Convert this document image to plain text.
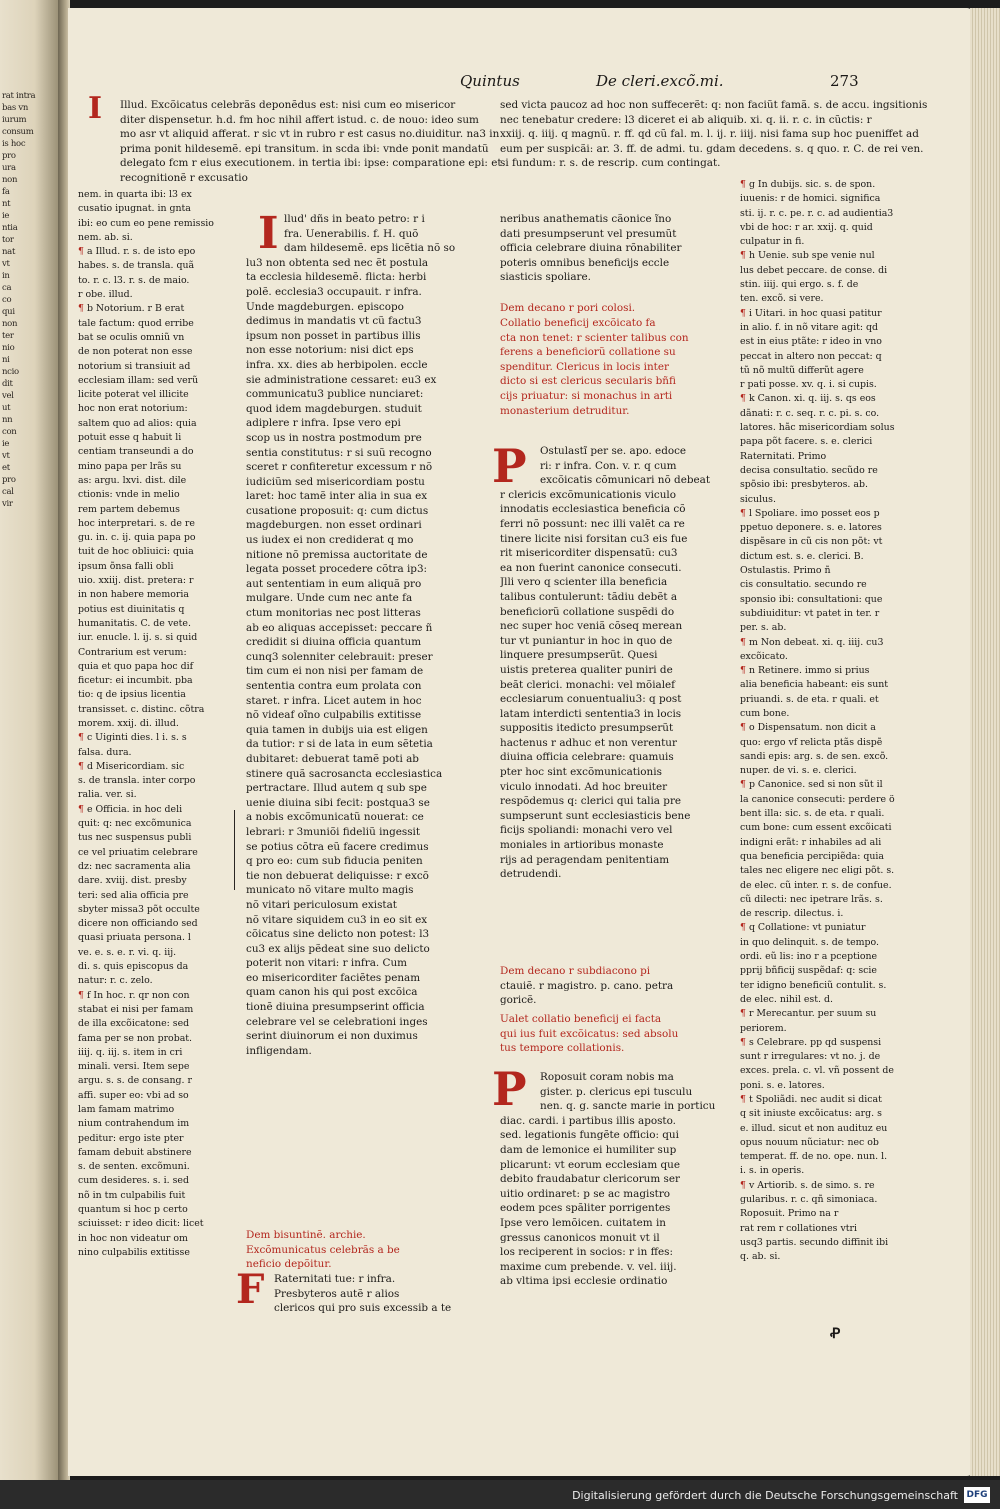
rat intra
bas vn
iurum
consum
is hoc
pro
ura
non
fa
nt
ie
ntia
tor
nat
vt
in
ca
co
qui
non
ter
nio
ni
ncio
dit
vel
ut
nn
con
ie
vt
et
pro
cal
vir
Quintus	De cleri.excõ.mi.	273
I Illud. Excõicatus celebrãs deponẽdus est: nisi cum eo misericor

diter dispensetur. h.d. fm hoc nihil affert istud. c. de nouo: ideo sum

mo asr vt aliquid afferat. r sic vt in rubro r est casus no.diuiditur. na3 in

prima ponit hildesemẽ. epi transitum. in scda ibi: vnde ponit mandatũ

delegato fcm r eius executionem. in tertia ibi: ipse: comparatione epi: et

recognitionẽ r excusatio

sed victa paucoz ad hoc non suffecerẽt: q: non faciũt famã. s. de accu. ingsitionis

nec tenebatur credere: l3 diceret ei ab aliquib. xi. q. ii. r. c. in cũctis: r

xxiij. q. iiij. q magnũ. r. ff. qd cũ fal. m. l. ij. r. iiij. nisi fama sup hoc pueniffet ad

eum per suspicãi: ar. 3. ff. de admi. tu. gdam decedens. s. q quo. r. C. de rei ven.

si fundum: r. s. de rescrip. cum contingat.

nem. in quarta ibi: l3 ex

cusatio ipugnat. in gnta

ibi: eo cum eo pene remissio

nem. ab. si.

¶ a Illud. r. s. de isto epo

habes. s. de transla. quã

to. r. c. l3. r. s. de maio.

r obe. illud.

¶ b Notorium. r B erat

tale factum: quod erribe

bat se oculis omniũ vn

de non poterat non esse

notorium si transiuit ad

ecclesiam illam: sed verũ

licite poterat vel illicite

hoc non erat notorium:

saltem quo ad alios: quia

potuit esse q habuit li

centiam transeundi a do

mino papa per lrãs su

as: argu. lxvi. dist. dile

ctionis: vnde in melio

rem partem debemus

hoc interpretari. s. de re

gu. in. c. ij. quia papa po

tuit de hoc obliuici: quia

ipsum õnsa falli obli

uio. xxiij. dist. pretera: r

in non habere memoria

potius est diuinitatis q

humanitatis. C. de vete.

iur. enucle. l. ij. s. si quid

Contrarium est verum:

quia et quo papa hoc dif

ficetur: ei incumbit. pba

tio: q de ipsius licentia

transisset. c. distinc. cõtra

morem. xxij. di. illud.

¶ c Uiginti dies. l i. s. s

falsa. dura.

¶ d Misericordiam. sic

s. de transla. inter corpo

ralia. ver. si.

¶ e Officia. in hoc deli

quit: q: nec excõmunica

tus nec suspensus publi

ce vel priuatim celebrare

dz: nec sacramenta alia

dare. xviij. dist. presby

teri: sed alia officia pre

sbyter missa3 põt occulte

dicere non officiando sed

quasi priuata persona. l

ve. e. s. e. r. vi. q. iij.

di. s. quis episcopus da

natur: r. c. zelo.

¶ f In hoc. r. qr non con

stabat ei nisi per famam

de illa excõicatone: sed

fama per se non probat.

iiij. q. iij. s. item in cri

minali. versi. Item sepe

argu. s. s. de consang. r

affi. super eo: vbi ad so

lam famam matrimo

nium contrahendum im

peditur: ergo iste pter

famam debuit abstinere

s. de senten. excõmuni.

cum desideres. s. i. sed

nõ in tm culpabilis fuit

quantum si hoc p certo

sciuisset: r ideo dicit: licet

in hoc non videatur om

nino culpabilis extitisse

I llud' dñs in beato petro: r i

fra. Uenerabilis. f. H. quõ

dam hildesemẽ. eps licẽtia nõ so

lu3 non obtenta sed nec ẽt postula

ta ecclesia hildesemẽ. flicta: herbi

polẽ. ecclesia3 occupauit. r infra.

Unde magdeburgen. episcopo

dedimus in mandatis vt cũ factu3

ipsum non posset in partibus illis

non esse notorium: nisi dict eps

infra. xx. dies ab herbipolen. eccle

sie administratione cessaret: eu3 ex

communicatu3 publice nunciaret:

quod idem magdeburgen. studuit

adiplere r infra. Ipse vero epi

scop us in nostra postmodum pre

sentia constitutus: r si suũ recogno

sceret r confiteretur excessum r nõ

iudiciũm sed misericordiam postu

laret: hoc tamẽ inter alia in sua ex

cusatione proposuit: q: cum dictus

magdeburgen. non esset ordinari

us iudex ei non crediderat q mo

nitione nõ premissa auctoritate de

legata posset procedere cõtra ip3:

aut sententiam in eum aliquã pro

mulgare. Unde cum nec ante fa

ctum monitorias nec post litteras

ab eo aliquas accepisset: peccare ñ

credidit si diuina officia quantum

cunq3 solenniter celebrauit: preser

tim cum ei non nisi per famam de

sententia contra eum prolata con

staret. r infra. Licet autem in hoc

nõ videaf oĩno culpabilis extitisse

quia tamen in dubijs uia est eligen

da tutior: r si de lata in eum sẽtetia

dubitaret: debuerat tamẽ poti ab

stinere quã sacrosancta ecclesiastica

pertractare. Illud autem q sub spe

uenie diuina sibi fecit: postqua3 se

a nobis excõmunicatũ nouerat: ce

lebrari: r 3muniõi fideliũ ingessit

se potius cõtra eũ facere credimus

q pro eo: cum sub fiducia peniten

tie non debuerat deliquisse: r excõ

municato nõ vitare multo magis

nõ vitari periculosum existat

nõ vitare siquidem cu3 in eo sit ex

cõicatus sine delicto non potest: l3

cu3 ex alijs pẽdeat sine suo delicto

poterit non vitari: r infra. Cum

eo misericorditer faciẽtes penam

quam canon his qui post excõica

tionẽ diuina presumpserint officia

celebrare vel se celebrationi inges

serint diuinorum ei non duximus

infligendam.

Dem bisuntinẽ. archie.

Excõmunicatus celebrãs a be

neficio depõitur.

F Raternitati tue: r infra.

Presbyteros autẽ r alios

clericos qui pro suis excessib a te

neribus anathematis cãonice ĩno

dati presumpserunt vel presumũt

officia celebrare diuina rõnabiliter

poteris omnibus beneficijs eccle

siasticis spoliare.

Dem decano r pori colosi.

Collatio beneficij excõicato fa

cta non tenet: r scienter talibus con

ferens a beneficiorũ collatione su

spenditur. Clericus in locis inter

dicto si est clericus secularis bñfi

cijs priuatur: si monachus in arti

monasterium detruditur.

P	Ostulastĩ per se. apo. edoce

ri: r infra. Con. v. r. q cum

excõicatis cõmunicari nõ debeat

r clericis excõmunicationis viculo

innodatis ecclesiastica beneficia cõ

ferri nõ possunt: nec illi valẽt ca re

tinere licite nisi forsitan cu3 eis fue

rit misericorditer dispensatũ: cu3

ea non fuerint canonice consecuti.

Jlli vero q scienter illa beneficia

talibus contulerunt: tãdiu debẽt a

beneficiorũ collatione suspẽdi do

nec super hoc veniã cõseq merean

tur vt puniantur in hoc in quo de

linquere presumpserũt. Quesi

uistis preterea qualiter puniri de

beãt clerici. monachi: vel mõialef

ecclesiarum conuentualiu3: q post

latam interdicti sententia3 in locis

suppositis itedicto presumpserũt

hactenus r adhuc et non verentur

diuina officia celebrare: quamuis

pter hoc sint excõmunicationis

viculo innodati. Ad hoc breuiter

respõdemus q: clerici qui talia pre

sumpserunt sunt ecclesiasticis bene

ficijs spoliandi: monachi vero vel

moniales in artioribus monaste

rijs ad peragendam penitentiam

detrudendi.

Dem decano r subdiacono pi

ctauiẽ. r magistro. p. cano. petra

goricẽ.

Ualet collatio beneficij ei facta

qui ius fuit excõicatus: sed absolu

tus tempore collationis.

P	Roposuit coram nobis ma

gister. p. clericus epi tusculu

nen. q. g. sancte marie in porticu

diac. cardi. i partibus illis aposto.

sed. legationis fungẽte officio: qui

dam de lemonice ei humiliter sup

plicarunt: vt eorum ecclesiam que

debito fraudabatur clericorum ser

uitio ordinaret: p se ac magistro

eodem pces spãliter porrigentes

Ipse vero lemõicen. cuitatem in

gressus canonicos monuit vt il

los reciperent in socios: r in ffes:

maxime cum prebende. v. vel. iiij.

ab vltima ipsi ecclesie ordinatio

¶ g In dubijs. sic. s. de spon.

iuuenis: r de homici. significa

sti. ij. r. c. pe. r. c. ad audientia3

vbi de hoc: r ar. xxij. q. quid

culpatur in fi.

¶ h Uenie. sub spe venie nul

lus debet peccare. de conse. di

stin. iiij. qui ergo. s. f. de

ten. excõ. si vere.

¶ i Uitari. in hoc quasi patitur

in alio. f. in nõ vitare agit: qd

est in eius ptãte: r ideo in vno

peccat in altero non peccat: q

tũ nõ multũ differũt agere

r pati posse. xv. q. i. si cupis.

¶ k Canon. xi. q. iij. s. qs eos

dãnati: r. c. seq. r. c. pi. s. co.

latores. hãc misericordiam solus

papa põt facere. s. e. clerici

Raternitati. Primo

decisa consultatio. secũdo re

spõsio ibi: presbyteros. ab.

siculus.

¶ l Spoliare. imo posset eos p

ppetuo deponere. s. e. latores

dispẽsare in cũ cis non põt: vt

dictum est. s. e. clerici. B.

Ostulastis. Primo ñ

cis consultatio. secundo re

sponsio ibi: consultationi: que

subdiuiditur: vt patet in ter. r

per. s. ab.

¶ m Non debeat. xi. q. iiij. cu3

excõicato.

¶ n Retinere. immo si prius

alia beneficia habeant: eis sunt

priuandi. s. de eta. r quali. et

cum bone.

¶ o Dispensatum. non dicit a

quo: ergo vf relicta ptãs dispẽ

sandi epis: arg. s. de sen. excõ.

nuper. de vi. s. e. clerici.

¶ p Canonice. sed si non sũt il

la canonice consecuti: perdere ö

bent illa: sic. s. de eta. r quali.

cum bone: cum essent excõicati

indigni erãt: r inhabiles ad ali

qua beneficia percipiẽda: quia

tales nec eligere nec eligi põt. s.

de elec. cũ inter. r. s. de confue.

cũ dilecti: nec ipetrare lrãs. s.

de rescrip. dilectus. i.

¶ q Collatione: vt puniatur

in quo delinquit. s. de tempo.

ordi. eũ lis: ino r a pceptione

pprij bñficij suspẽdaf: q: scie

ter idigno beneficiũ contulit. s.

de elec. nihil est. d.

¶ r Merecantur. per suum su

periorem.

¶ s Celebrare. pp qd suspensi

sunt r irregulares: vt no. j. de

exces. prela. c. vl. vñ possent de

poni. s. e. latores.

¶ t Spoliãdi. nec audit si dicat

q sit iniuste excõicatus: arg. s

e. illud. sicut et non audituz eu

opus nouum nũciatur: nec ob

temperat. ff. de no. ope. nun. l.

i. s. in operis.

¶ v Artiorib. s. de simo. s. re

gularibus. r. c. qñ simoniaca.

Roposuit. Primo na r

rat rem r collationes vtri

usq3 partis. secundo diffinit ibi

q. ab. si.

Ꝓ
Digitalisierung gefördert durch die Deutsche Forschungsgemeinschaft DFG
